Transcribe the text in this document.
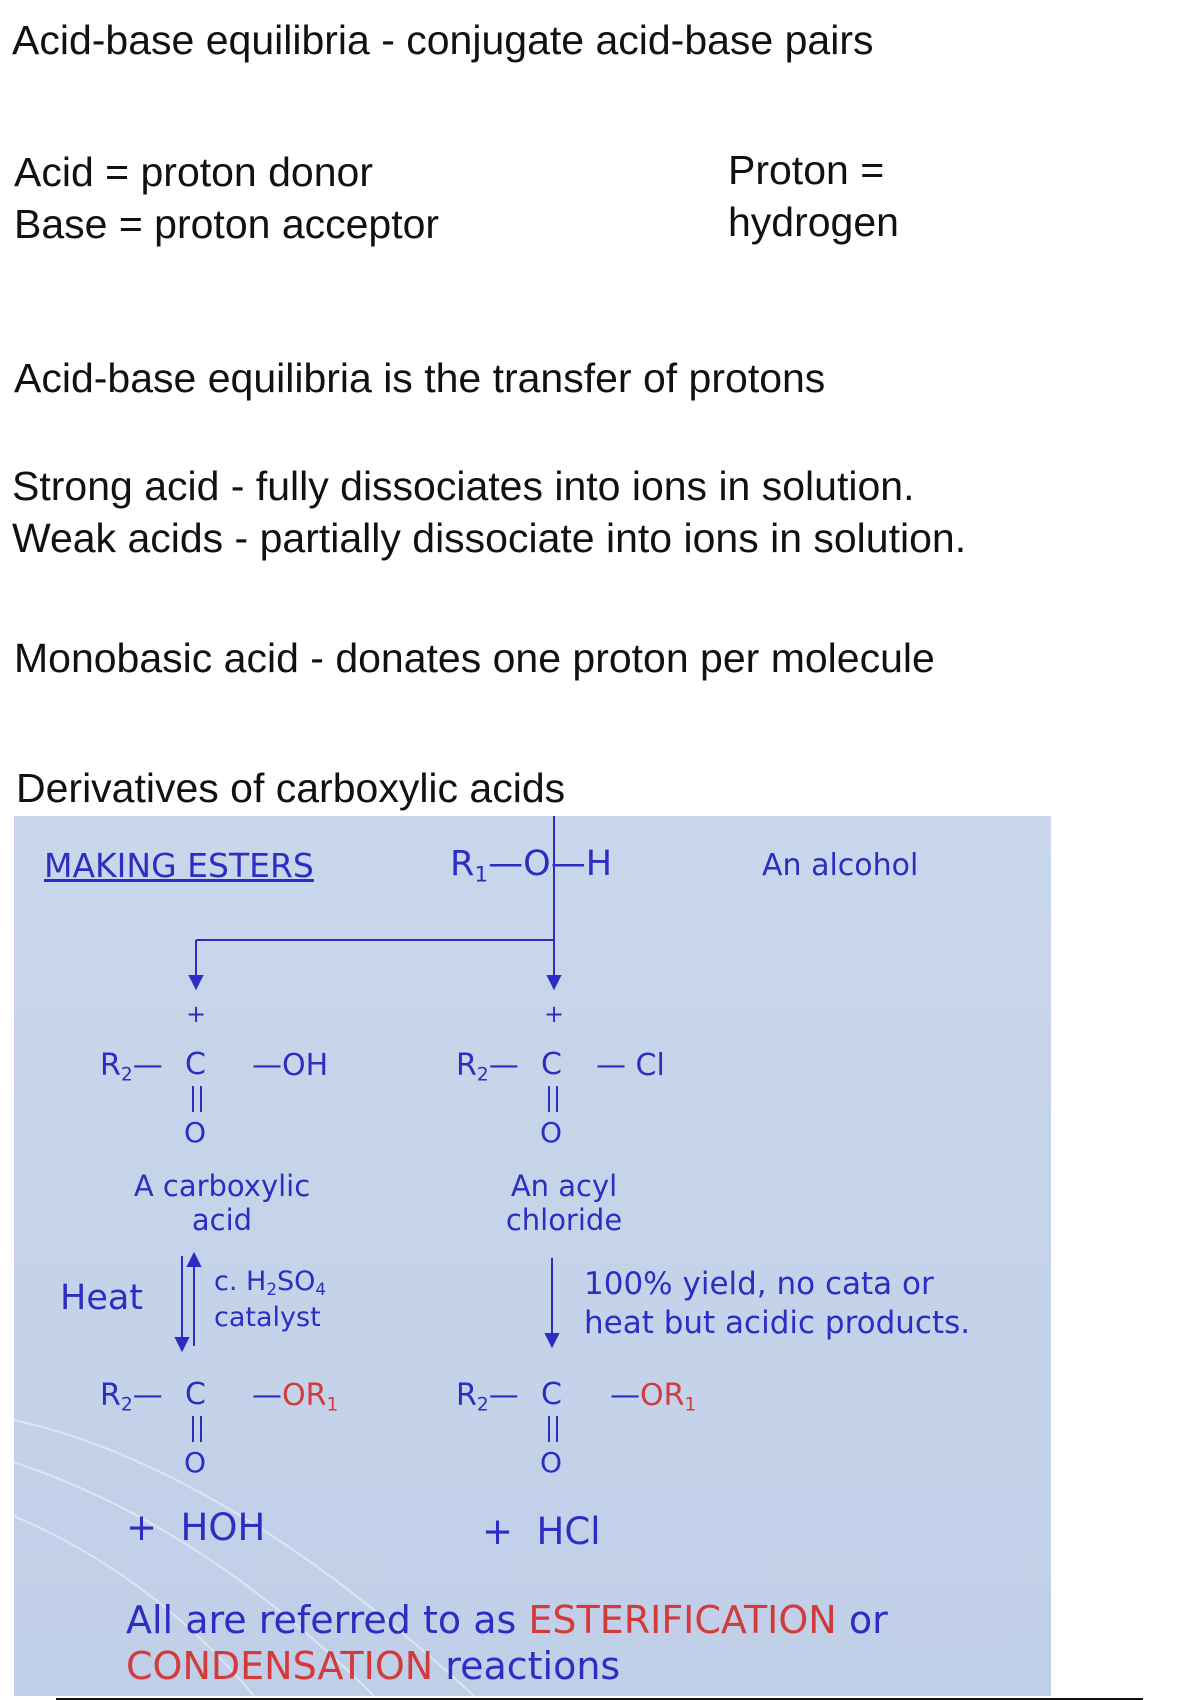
Acid-base equilibria - conjugate acid-base pairs
Acid = proton donor
Base = proton acceptor
Proton =
hydrogen
Acid-base equilibria is the transfer of protons
Strong acid - fully dissociates into ions in solution.
Weak acids - partially dissociate into ions in solution.
Monobasic acid - donates one proton per molecule
Derivatives of carboxylic acids
MAKING ESTERS	$R_1—O—H$	An alcohol
+	+
$R_2—$ C —OH
O
$R_2—$ C — Cl
O
A carboxylic
acid
An acyl
chloride
Heat	c. $H_2SO_4$
catalyst
100% yield, no cata or
heat but acidic products.
$R_2—$ C $—OR_1$
O
$R_2—$ C $—OR_1$
O
+ HOH	+ HCl
All are referred to as ESTERIFICATION or
CONDENSATION reactions
